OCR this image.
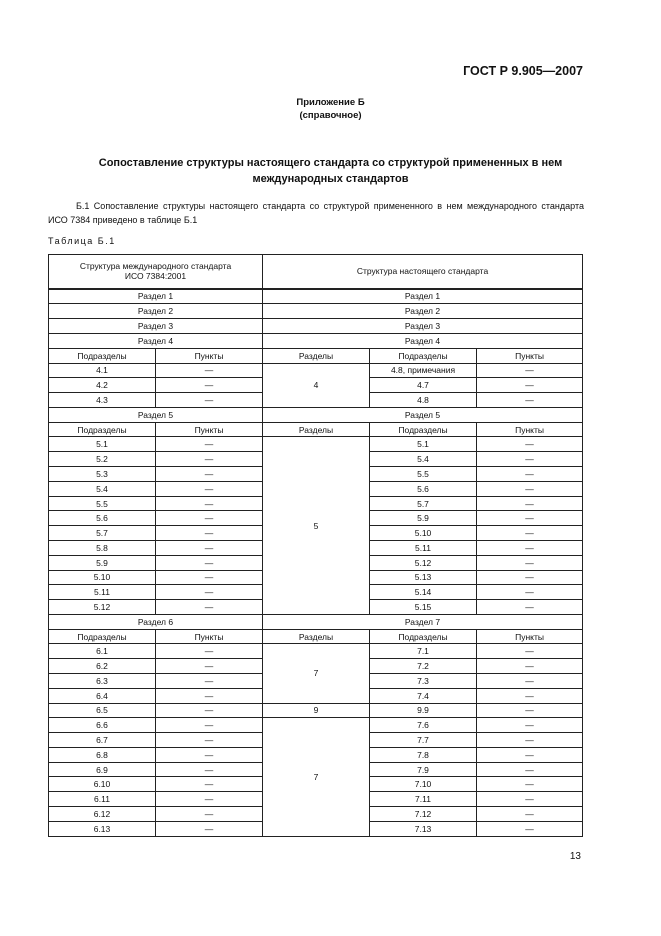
ГОСТ Р 9.905—2007
Приложение Б
(справочное)
Сопоставление структуры настоящего стандарта со структурой примененных в нем
международных стандартов
Б.1 Сопоставление структуры настоящего стандарта со структурой примененного в нем международного стандарта ИСО 7384 приведено в таблице Б.1
Таблица Б.1
Структура международного стандарта
ИСО 7384:2001		Структура настоящего стандарта		
Раздел 1		Раздел 1		
Раздел 2		Раздел 2		
Раздел 3		Раздел 3		
Раздел 4		Раздел 4		
Подразделы	Пункты	Разделы	Подразделы	Пункты
4.1	—	4	4.8, примечания	—
4.2	—		4.7	—
4.3	—		4.8	—
Раздел 5		Раздел 5		
Подразделы	Пункты	Разделы	Подразделы	Пункты
5.1	—	5	5.1	—
5.2	—		5.4	—
5.3	—		5.5	—
5.4	—		5.6	—
5.5	—		5.7	—
5.6	—		5.9	—
5.7	—		5.10	—
5.8	—		5.11	—
5.9	—		5.12	—
5.10	—		5.13	—
5.11	—		5.14	—
5.12	—		5.15	—
Раздел 6		Раздел 7		
Подразделы	Пункты	Разделы	Подразделы	Пункты
6.1	—	7	7.1	—
6.2	—		7.2	—
6.3	—		7.3	—
6.4	—		7.4	—
6.5	—	9	9.9	—
6.6	—	7	7.6	—
6.7	—		7.7	—
6.8	—		7.8	—
6.9	—		7.9	—
6.10	—		7.10	—
6.11	—		7.11	—
6.12	—		7.12	—
6.13	—		7.13	—
13
